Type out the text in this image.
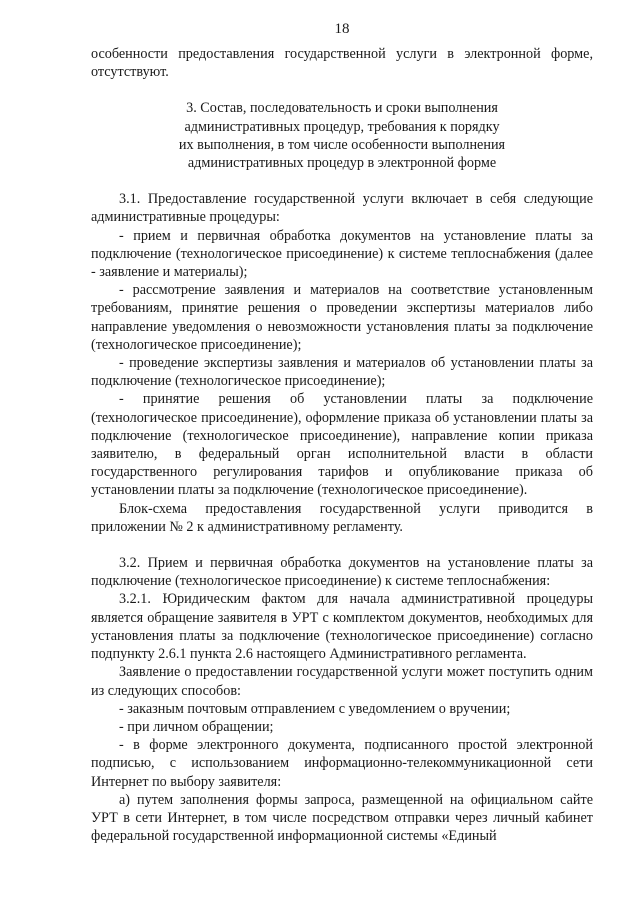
18

особенности предоставления государственной услуги в электронной форме, отсутствуют.

3. Состав, последовательность и сроки выполнения
административных процедур, требования к порядку
их выполнения, в том числе особенности выполнения
административных процедур в электронной форме

3.1. Предоставление государственной услуги включает в себя следующие административные процедуры:

- прием и первичная обработка документов на установление платы за подключение (технологическое присоединение) к системе теплоснабжения (далее - заявление и материалы);

- рассмотрение заявления и материалов на соответствие установленным требованиям, принятие решения о проведении экспертизы материалов либо направление уведомления о невозможности установления платы за подключение (технологическое присоединение);

- проведение экспертизы заявления и материалов об установлении платы за подключение (технологическое присоединение);

- принятие решения об установлении платы за подключение (технологическое присоединение), оформление приказа об установлении платы за подключение (технологическое присоединение), направление копии приказа заявителю, в федеральный орган исполнительной власти в области государственного регулирования тарифов и опубликование приказа об установлении платы за подключение (технологическое присоединение).

Блок-схема предоставления государственной услуги приводится в приложении № 2 к административному регламенту.

3.2. Прием и первичная обработка документов на установление платы за подключение (технологическое присоединение) к системе теплоснабжения:

3.2.1. Юридическим фактом для начала административной процедуры является обращение заявителя в УРТ с комплектом документов, необходимых для установления платы за подключение (технологическое присоединение) согласно подпункту 2.6.1 пункта 2.6 настоящего Административного регламента.

Заявление о предоставлении государственной услуги может поступить одним из следующих способов:

- заказным почтовым отправлением с уведомлением о вручении;

- при личном обращении;

- в форме электронного документа, подписанного простой электронной подписью, с использованием информационно-телекоммуникационной сети Интернет по выбору заявителя:

а) путем заполнения формы запроса, размещенной на официальном сайте УРТ в сети Интернет, в том числе посредством отправки через личный кабинет федеральной государственной информационной системы «Единый
